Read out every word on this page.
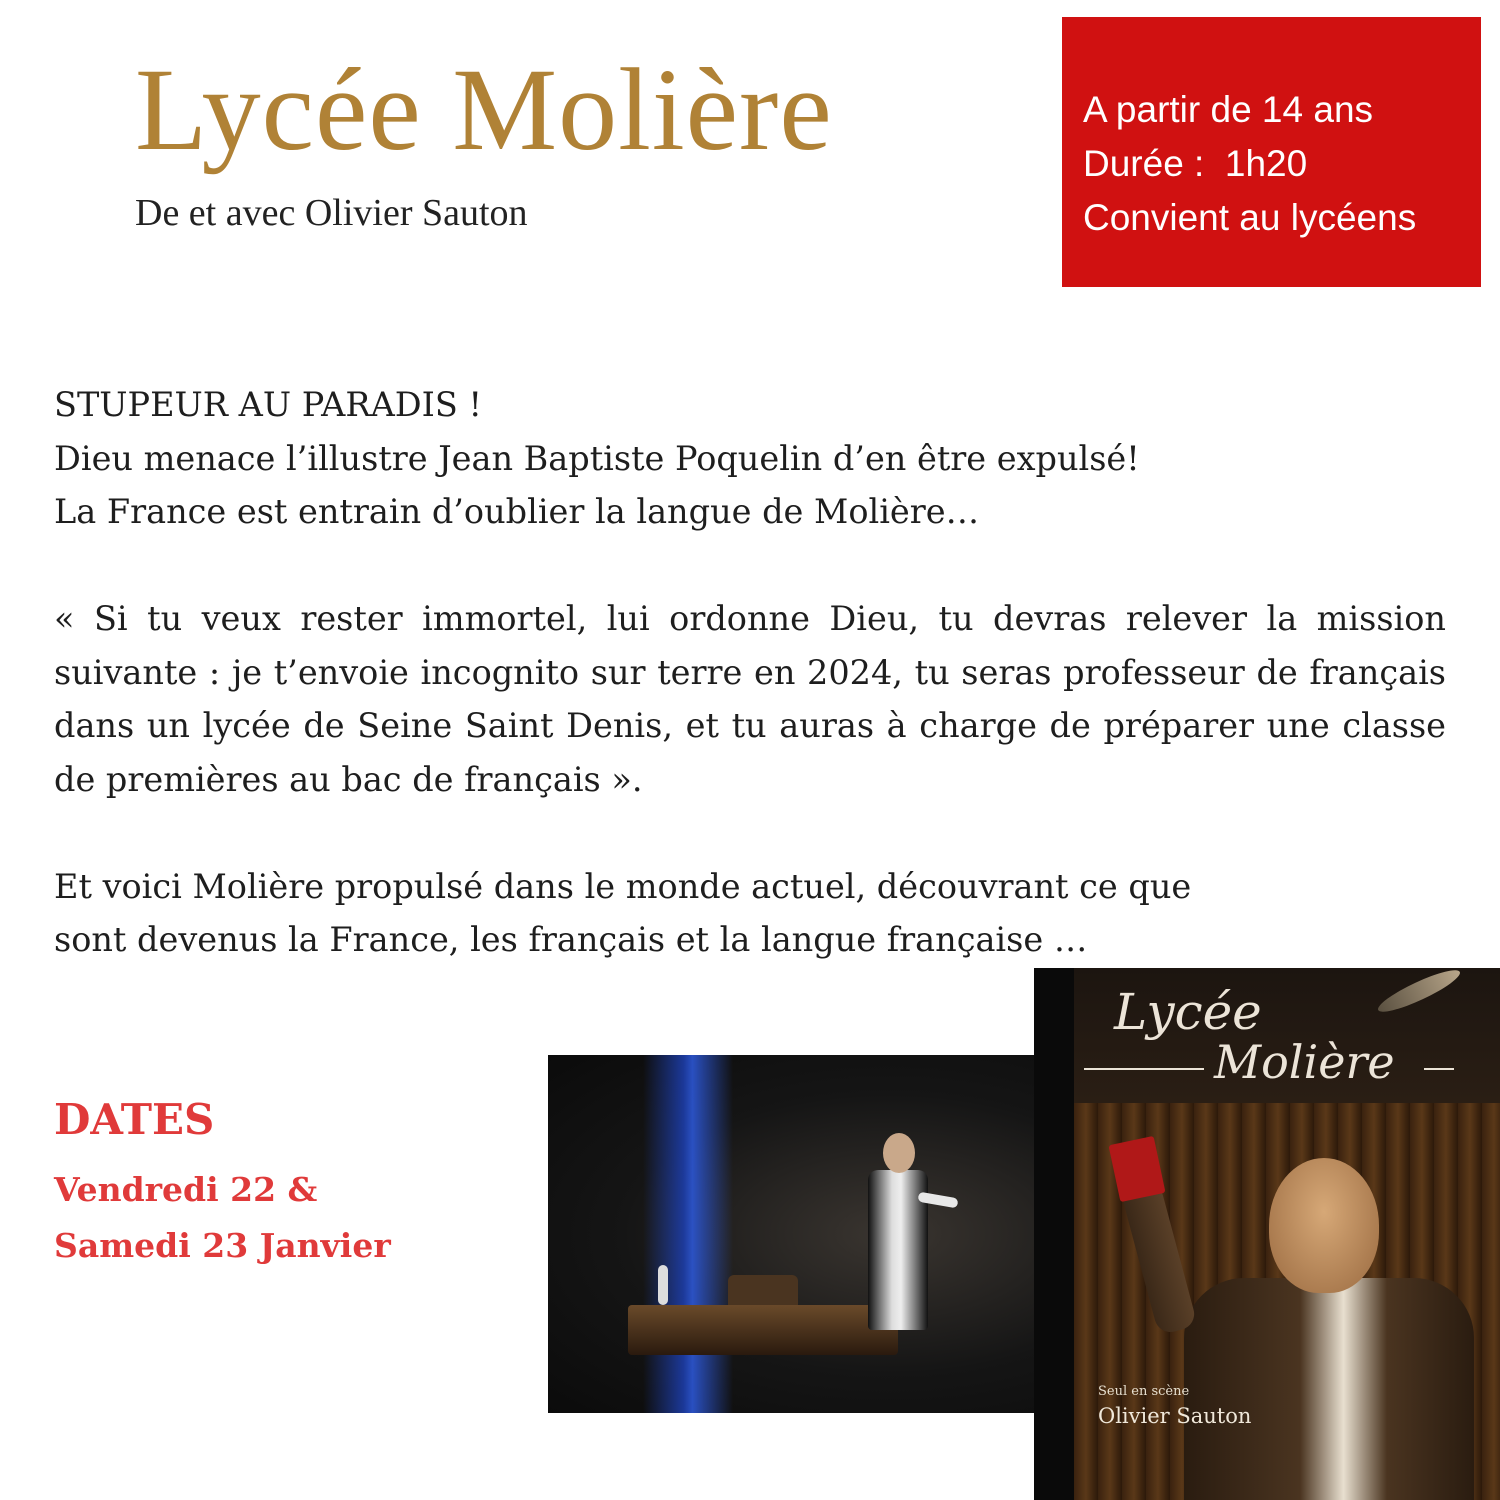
Lycée Molière
De et avec Olivier Sauton
A partir de 14 ans
Durée :  1h20
Convient au lycéens
STUPEUR AU PARADIS !
Dieu menace l’illustre Jean Baptiste Poquelin d’en être expulsé!
La France est entrain d’oublier la langue de Molière…
« Si tu veux rester immortel, lui ordonne Dieu, tu devras relever la mission suivante : je t’envoie incognito sur terre en 2024, tu seras professeur de français dans un lycée de Seine Saint Denis, et tu auras à charge de préparer une classe de premières au bac de français ».
Et voici Molière propulsé dans le monde actuel, découvrant ce que
sont devenus la France, les français et la langue française …
DATES
Vendredi 22 &
Samedi 23 Janvier
Lycée
Molière
Seul en scène
Olivier Sauton
